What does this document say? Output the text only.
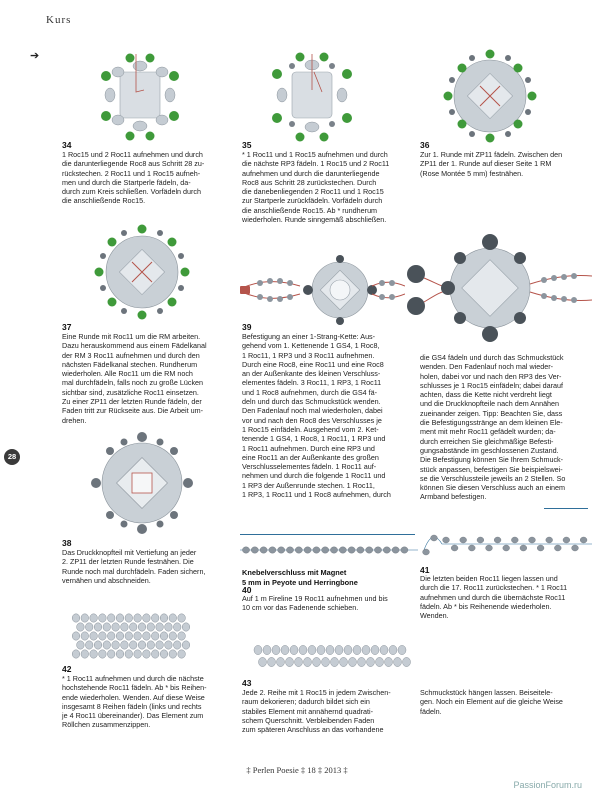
Kurs
➔
28
34
1 Roc15 und 2 Roc11 aufnehmen und durch
die darunterliegende Roc8 aus Schritt 28 zu-
rückstechen. 2 Roc11 und 1 Roc15 aufneh-
men und durch die Startperle fädeln, da-
durch zum Kreis schließen. Vorfädeln durch
die anschließende Roc15.
35
* 1 Roc11 und 1 Roc15 aufnehmen und durch
die nächste RP3 fädeln. 1 Roc15 und 2 Roc11
aufnehmen und durch die darunterliegende
Roc8 aus Schritt 28 zurückstechen. Durch
die danebenliegenden 2 Roc11 und 1 Roc15
zur Startperle zurückfädeln. Vorfädeln durch
die anschließende Roc15. Ab * rundherum
wiederholen. Runde sinngemäß abschließen.
36
Zur 1. Runde mit ZP11 fädeln. Zwischen den
ZP11 der 1. Runde auf dieser Seite 1 RM
(Rose Montée 5 mm) festnähen.
37
Eine Runde mit Roc11 um die RM arbeiten.
Dazu herauskommend aus einem Fädelkanal
der RM 3 Roc11 aufnehmen und durch den
nächsten Fädelkanal stechen. Rundherum
wiederholen. Alle Roc11 um die RM noch
mal durchfädeln, falls noch zu große Lücken
sichtbar sind, zusätzliche Roc11 einsetzen.
Zu einer ZP11 der letzten Runde fädeln, der
Faden tritt zur Rückseite aus. Die Arbeit um-
drehen.
39
Befestigung an einer 1-Strang-Kette: Aus-
gehend vom 1. Kettenende 1 GS4, 1 Roc8,
1 Roc11, 1 RP3 und 3 Roc11 aufnehmen.
Durch eine Roc8, eine Roc11 und eine Roc8
an der Außenkante des kleinen Verschluss-
elementes fädeln. 3 Roc11, 1 RP3, 1 Roc11
und 1 Roc8 aufnehmen, durch die GS4 fä-
deln und durch das Schmuckstück wenden.
Den Fadenlauf noch mal wiederholen, dabei
vor und nach den Roc8 des Verschlusses je
1 Roc15 einfädeln. Ausgehend vom 2. Ket-
tenende 1 GS4, 1 Roc8, 1 Roc11, 1 RP3 und
1 Roc11 aufnehmen. Durch eine RP3 und
eine Roc11 an der Außenkante des großen
Verschlusselementes fädeln. 1 Roc11 auf-
nehmen und durch die folgende 1 Roc11 und
1 RP3 der Außenrunde stechen. 1 Roc11,
1 RP3, 1 Roc11 und 1 Roc8 aufnehmen, durch
die GS4 fädeln und durch das Schmuckstück
wenden. Den Fadenlauf noch mal wieder-
holen, dabei vor und nach den RP3 des Ver-
schlusses je 1 Roc15 einfädeln; dabei darauf
achten, dass die Kette nicht verdreht liegt
und die Druckknopfteile nach dem Annähen
zueinander zeigen. Tipp: Beachten Sie, dass
die Befestigungsstränge an dem kleinen Ele-
ment mit mehr Roc11 gefädelt wurden; da-
durch erreichen Sie gleichmäßige Befesti-
gungsabstände im geschlossenen Zustand.
Die Befestigung können Sie Ihrem Schmuck-
stück anpassen, befestigen Sie beispielswei-
se die Verschlussteile jeweils an 2 Stellen. So
können Sie diesen Verschluss auch an einem
Armband befestigen.
38
Das Druckknopfteil mit Vertiefung an jeder
2. ZP11 der letzten Runde festnähen. Die
Runde noch mal durchfädeln. Faden sichern,
vernähen und abschneiden.
Knebelverschluss mit Magnet
5 mm in Peyote und Herringbone
40
Auf 1 m Fireline 19 Roc11 aufnehmen und bis
10 cm vor das Fadenende schieben.
41
Die letzten beiden Roc11 liegen lassen und
durch die 17. Roc11 zurückstechen. * 1 Roc11
aufnehmen und durch die übernächste Roc11
fädeln. Ab * bis Reihenende wiederholen.
Wenden.
42
* 1 Roc11 aufnehmen und durch die nächste
hochstehende Roc11 fädeln. Ab * bis Reihen-
ende wiederholen. Wenden. Auf diese Weise
insgesamt 8 Reihen fädeln (links und rechts
je 4 Roc11 übereinander). Das Element zum
Röllchen zusammenzippen.
43
Jede 2. Reihe mit 1 Roc15 in jedem Zwischen-
raum dekorieren; dadurch bildet sich ein
stabiles Element mit annähernd quadrati-
schem Querschnitt. Verbleibenden Faden
zum späteren Anschluss an das vorhandene
Schmuckstück hängen lassen. Beiseitele-
gen. Noch ein Element auf die gleiche Weise
fädeln.
‡ Perlen Poesie ‡ 18 ‡ 2013 ‡
PassionForum.ru
